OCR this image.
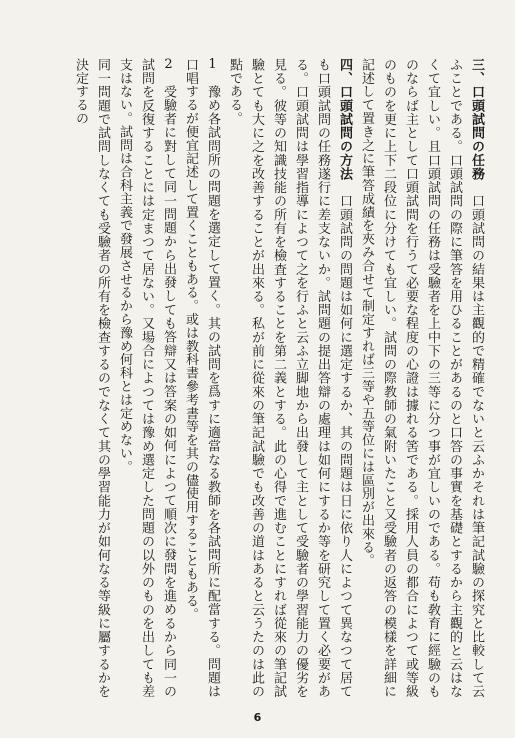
三、口頭試問の任務　口頭試問の結果は主觀的で精確でないと云ふかそれは筆記試驗の探究と比較して云ふことである。口頭試問の際に筆答を用ひることがあるのと口答の事實を基礎とするから主觀的と云はなくて宜しい。且口頭試問の任務は受驗者を上中下の三等に分つ事が宜しいのである。苟も敎育に經驗のものならば主として口頭試問を行うて必要な程度の心證は據れる筈である。採用人員の都合によつて或等級のものを更に上下二段位に分けても宜しい。試問の際教師の氣附いたこと又受驗者の返答の模樣を詳細に記述して置き之に筆答成績を夾み合せて制定すれば三等や五等位には區別が出來る。

四、口頭試問の方法　口頭試問の問題は如何に選定するか、其の問題は日に依り人によつて異なつて居ても口頭試問の任務遂行に差支ないか。試問題の提出答辯の處理は如何にするか等を研究して置く必要がある。口頭試問は學習指導によつて之を行ふと云ふ立脚地から出發して主として受驗者の學習能力の優劣を見る。彼等の知識技能の所有を檢査することを第二義とする。此の心得で進むことにすれば從來の筆記試驗とても大に之を改善することが出來る。私が前に從來の筆記試驗でも改善の道はあると云うたのは此の點である。

1　豫め各試問所の問題を選定して置く。其の試問を爲すに適當なる教師を各試問所に配當する。問題は口唱するが便宜記述して置くこともある。或は教科書參考書等を其の儘使用することもある。

2　受驗者に對して同一問題から出發しても答辯又は答案の如何によつて順次に發問を進めるから同一の試問を反復することには定まつて居ない。又場合によつては豫め選定した問題の以外のものを出しても差支はない。試問は合科主義で發展させるから豫め何科とは定めない。

同一問題で試問しなくても受驗者の所有を檢查するのでなくて其の學習能力が如何なる等級に屬するかを決定するの

6
